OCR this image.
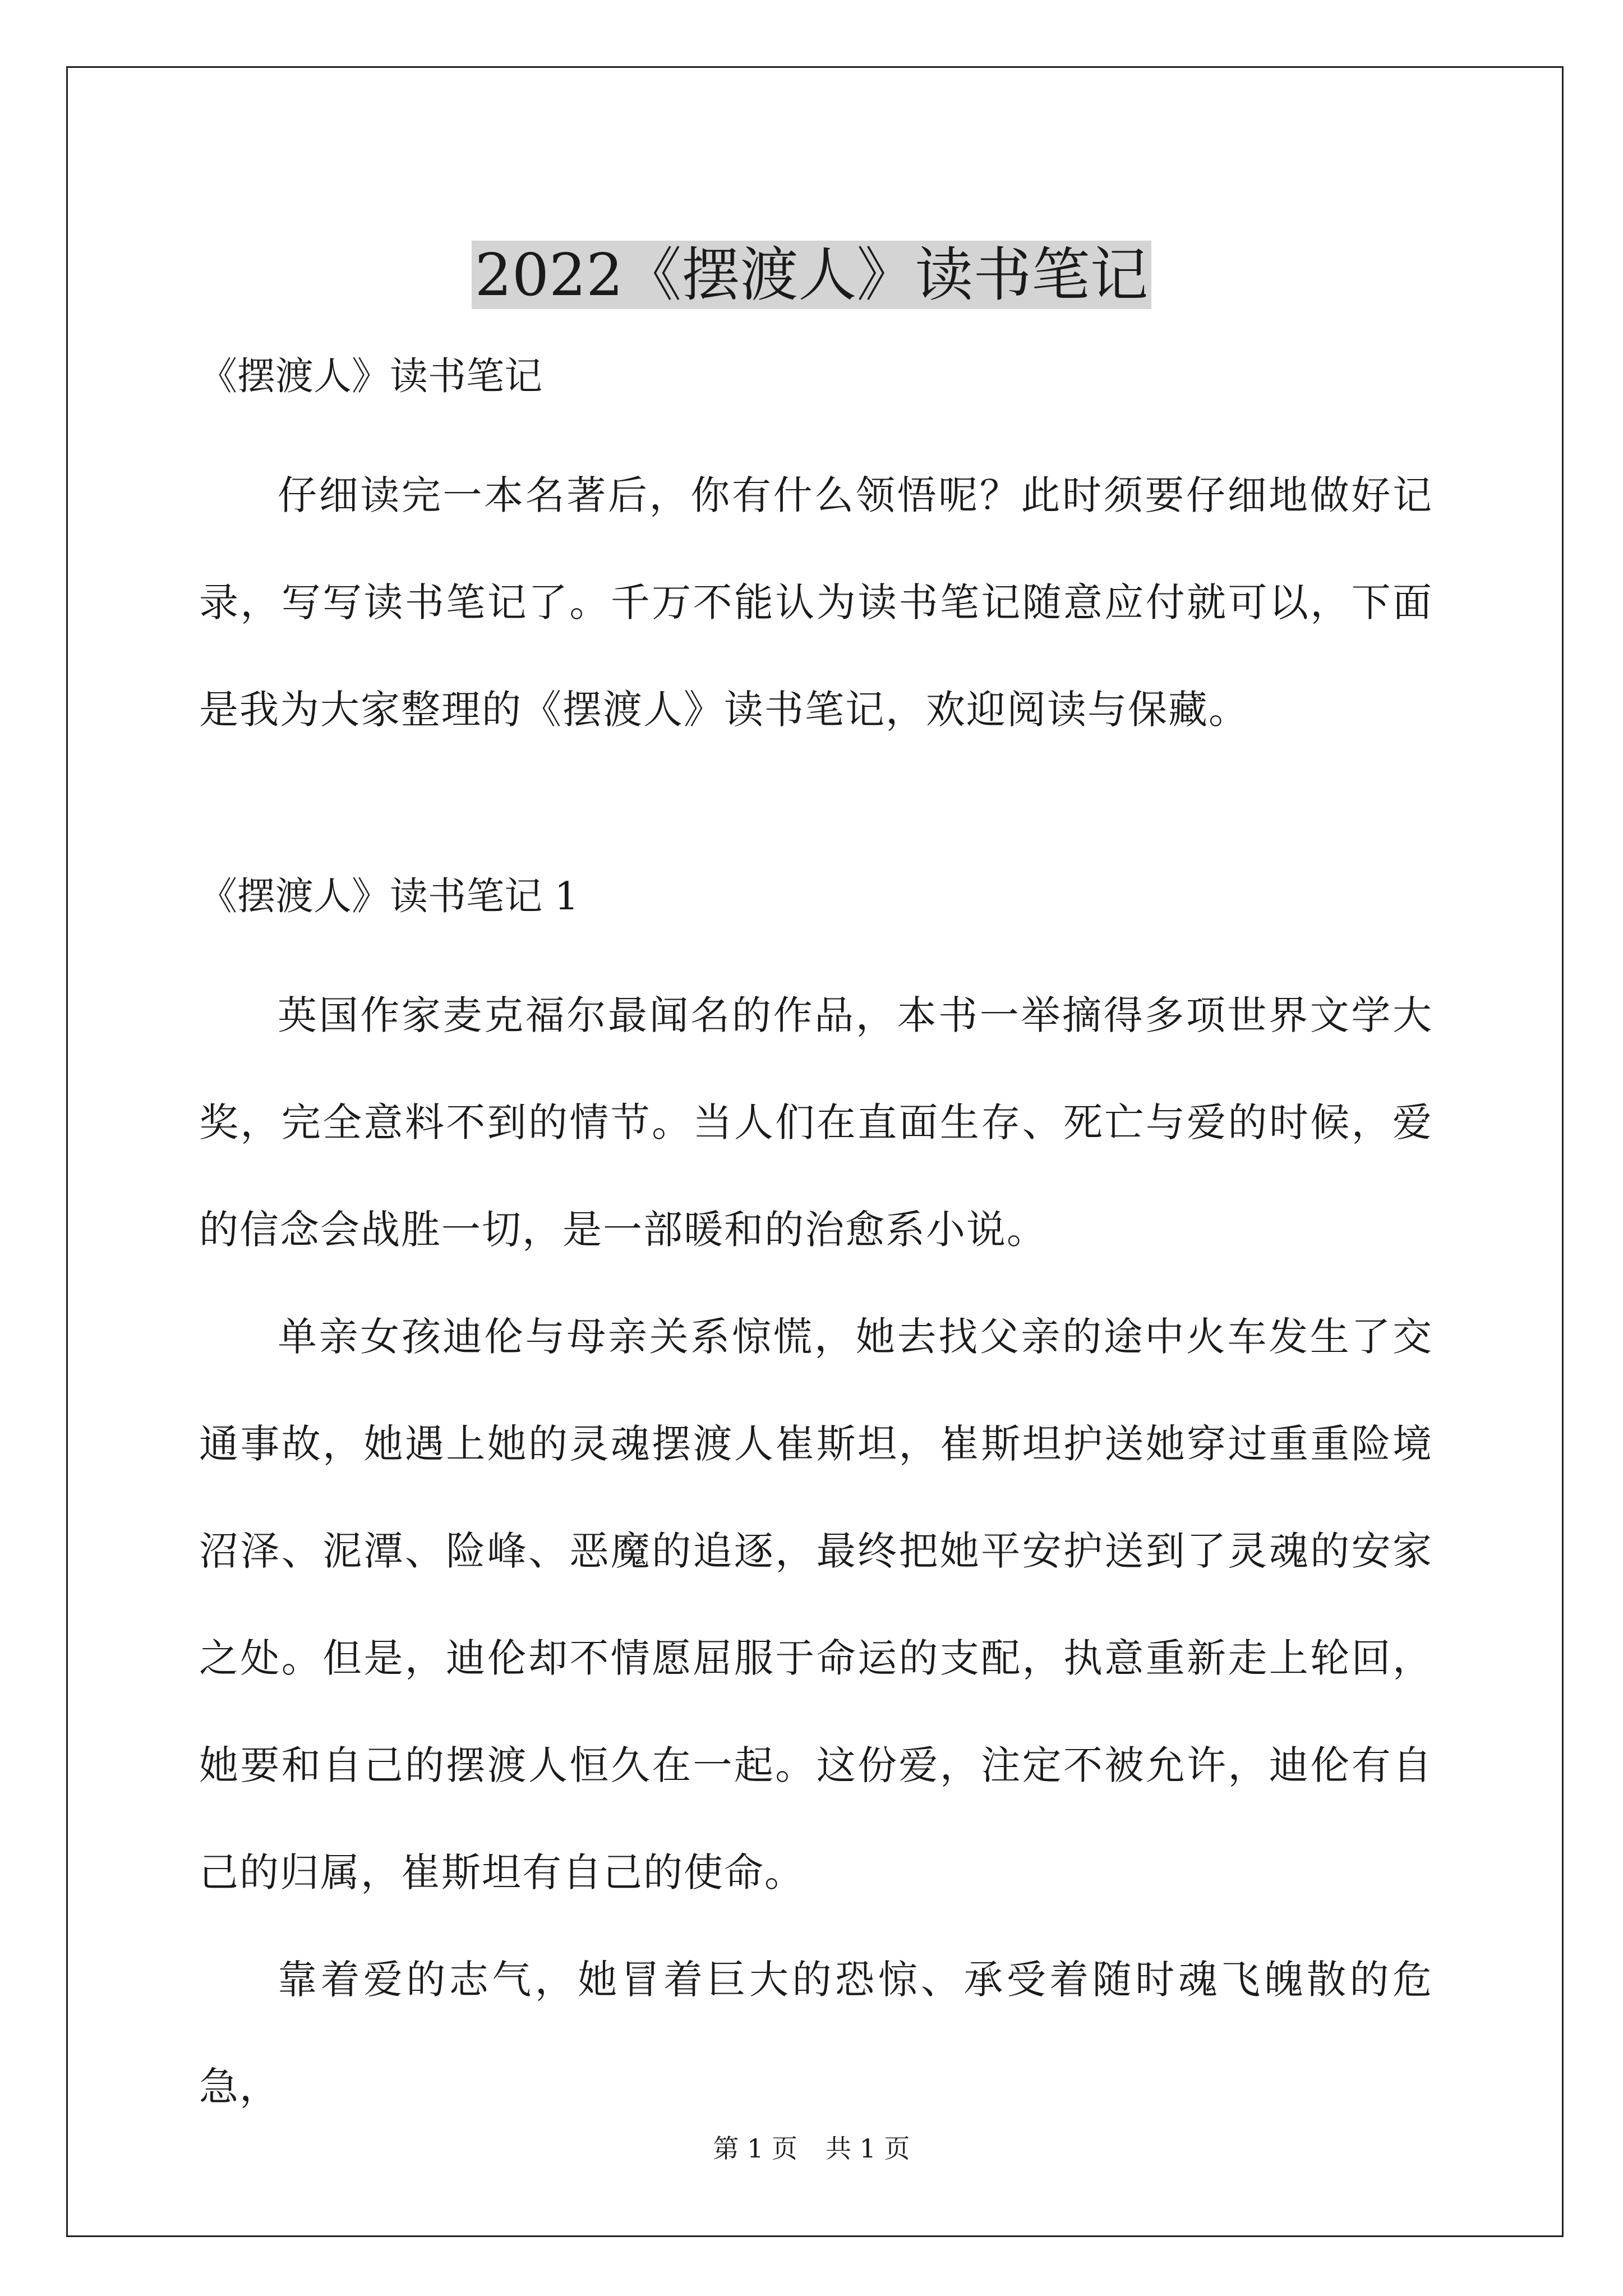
2022《摆渡人》读书笔记

《摆渡人》读书笔记

仔细读完一本名著后，你有什么领悟呢？此时须要仔细地做好记录，写写读书笔记了。千万不能认为读书笔记随意应付就可以，下面是我为大家整理的《摆渡人》读书笔记，欢迎阅读与保藏。

《摆渡人》读书笔记 1

英国作家麦克福尔最闻名的作品，本书一举摘得多项世界文学大奖，完全意料不到的情节。当人们在直面生存、死亡与爱的时候，爱的信念会战胜一切，是一部暖和的治愈系小说。

单亲女孩迪伦与母亲关系惊慌，她去找父亲的途中火车发生了交通事故，她遇上她的灵魂摆渡人崔斯坦，崔斯坦护送她穿过重重险境沼泽、泥潭、险峰、恶魔的追逐，最终把她平安护送到了灵魂的安家之处。但是，迪伦却不情愿屈服于命运的支配，执意重新走上轮回，她要和自己的摆渡人恒久在一起。这份爱，注定不被允许，迪伦有自己的归属，崔斯坦有自己的使命。

靠着爱的志气，她冒着巨大的恐惊、承受着随时魂飞魄散的危急，

第 1 页 共 1 页
